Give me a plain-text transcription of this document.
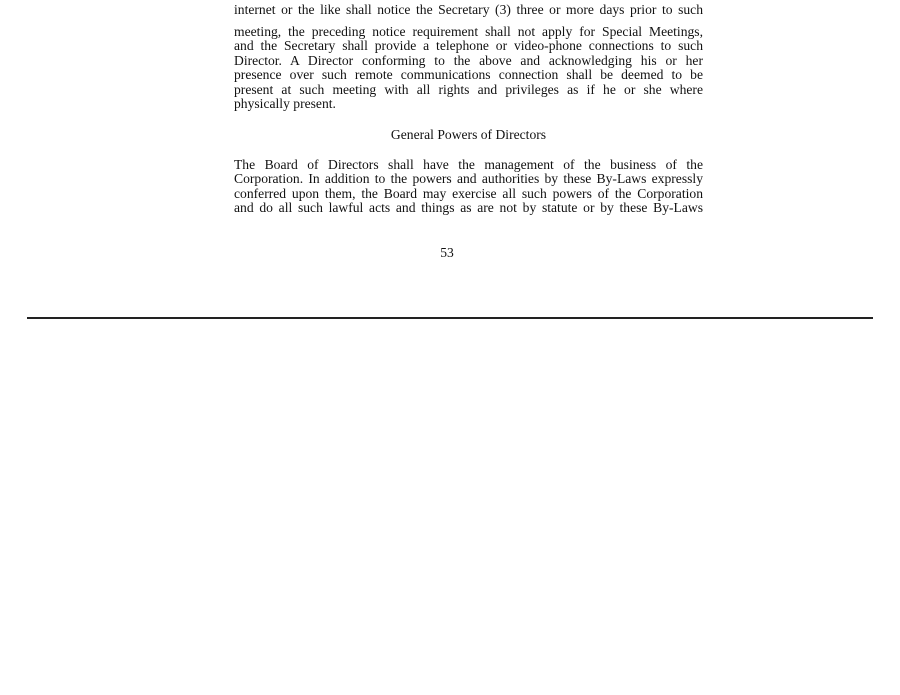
internet or the like shall notice the Secretary (3) three or more days prior to such
meeting, the preceding notice requirement shall not apply for Special Meetings,
and the Secretary shall provide a telephone or video-phone connections to such
Director. A Director conforming to the above and acknowledging his or her
presence over such remote communications connection shall be deemed to be
present at such meeting with all rights and privileges as if he or she where
physically present.
General Powers of Directors
The Board of Directors shall have the management of the business of the
Corporation. In addition to the powers and authorities by these By-Laws expressly
conferred upon them, the Board may exercise all such powers of the Corporation
and do all such lawful acts and things as are not by statute or by these By-Laws
53
